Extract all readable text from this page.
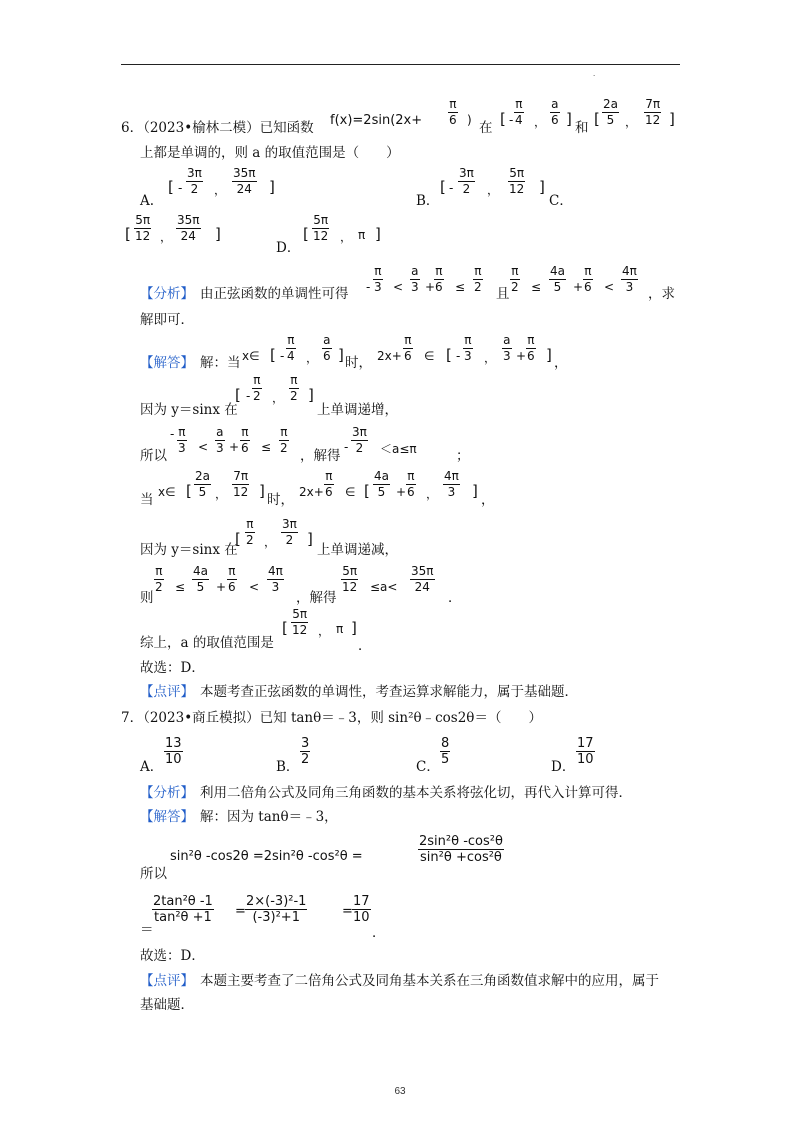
.
6．（2023•榆林二模）已知函数 f(x)=2sin(2x+
π
6 ) 在 [ -
π
4 ，
a
6 ] 和 [
2a
5 ，
7π
12 ]
上都是单调的，则 a 的取值范围是（　　）
A.
[ -
3π
2	，
35π
24	]
B．
[ -
3π
2	，
5π
12 ]
C．
[
5π
12 ，
35π
24	]
D．
[
5π
12 ， π ]
【分析】 由正弦函数的单调性可得 -
π
3 <
a
3 +
π
6 ≤
π
2 且
π
2 ≤
4a
5 +
π
6 <
4π
3	，求
解即可．
【解答】 解：当 x∈ [ -
π
4 ，
a
6 ] 时， 2x+
π
6 ∈ [ -
π
3 ，
a
3 +
π
6 ] ，
[ -
π
2 ，
π
2 ]
因为 y＝sinx 在	上单调递增，
- π
3 <
a
3 +
π
6 ≤
π
2
所以	，解得
-
3π
2	＜a≤π	；
当 x∈ [
2a
5 ，
7π
12 ] 时， 2x+
π
6 ∈ [
4a
5 +
π
6 ，
4π
3	] ，
[
π
2 ，
3π
2 ]
因为 y＝sinx 在	上单调递减，
π
2 ≤
4a
5 +
π
6 <
4π
3
则	，解得
5π
12 ≤a<
35π
24
．
综上，a 的取值范围是
[
5π
12 ， π ]
．
故选：D．
【点评】 本题考查正弦函数的单调性，考查运算求解能力，属于基础题．
7．（2023•商丘模拟）已知 tanθ＝﹣3，则 sin²θ﹣cos2θ＝（　　）
A．
13
10	B．
3
2	C．
8
5	D．
17
10
【分析】 利用二倍角公式及同角三角函数的基本关系将弦化切，再代入计算可得．
【解答】 解：因为 tanθ＝﹣3，
sin²θ -cos2θ =2sin²θ -cos²θ =
2sin²θ -cos²θ
sin²θ +cos²θ
所以
＝
2tan²θ -1
tan²θ +1 =
2×(-3)²-1
(-3)²+1	=
17
10
．
故选：D．
【点评】 本题主要考查了二倍角公式及同角基本关系在三角函数值求解中的应用，属于
基础题．
63
